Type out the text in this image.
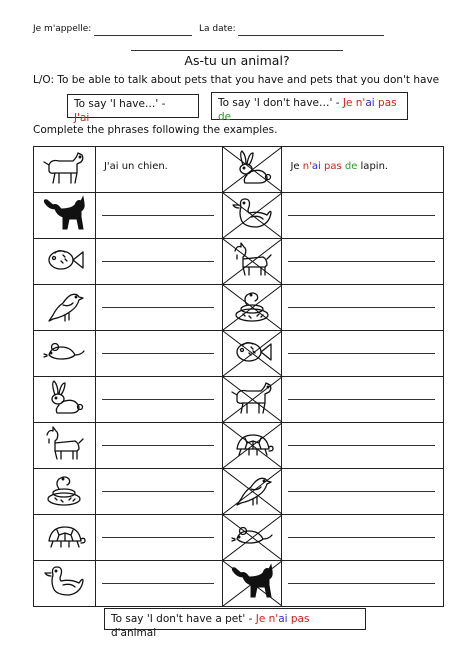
Je m'appelle:	La date:
As-tu un animal?
L/O: To be able to talk about pets that you have and pets that you don't have
To say 'I have…' -
J'ai
To say 'I don't have…' - Je n'ai pas
de
Complete the phrases following the examples.

J'ai un chien.		Je n'ai pas de lapin.

To say 'I don't have a pet' - Je n'ai pas
d'animal
